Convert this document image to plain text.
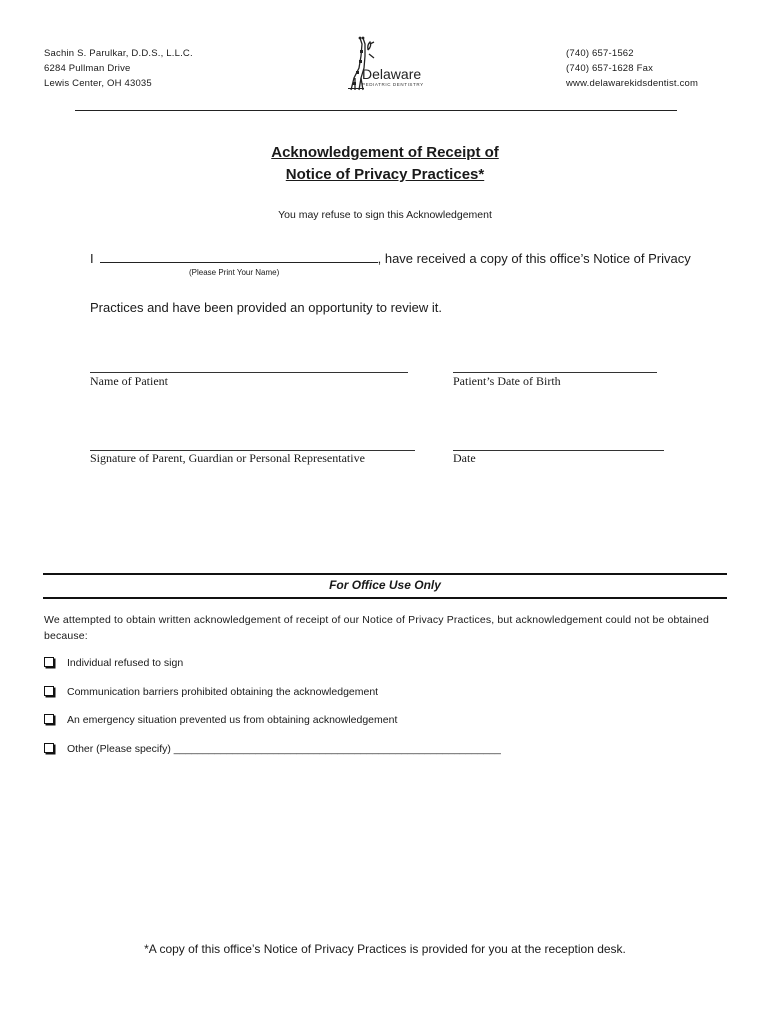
Sachin S. Parulkar, D.D.S., L.L.C.
6284 Pullman Drive
Lewis Center, OH 43035
Delaware
PEDIATRIC DENTISTRY
(740) 657-1562
(740) 657-1628 Fax
www.delawarekidsdentist.com
Acknowledgement of Receipt of
Notice of Privacy Practices*
You may refuse to sign this Acknowledgement
I	, have received a copy of this office’s Notice of Privacy
(Please Print Your Name)
Practices and have been provided an opportunity to review it.
Name of Patient	Patient’s Date of Birth
Signature of Parent, Guardian or Personal Representative	Date
For Office Use Only
We attempted to obtain written acknowledgement of receipt of our Notice of Privacy Practices, but acknowledgement could not be obtained because:
Individual refused to sign
Communication barriers prohibited obtaining the acknowledgement
An emergency situation prevented us from obtaining acknowledgement
Other (Please specify) ________________________________________________________
*A copy of this office’s Notice of Privacy Practices is provided for you at the reception desk.
